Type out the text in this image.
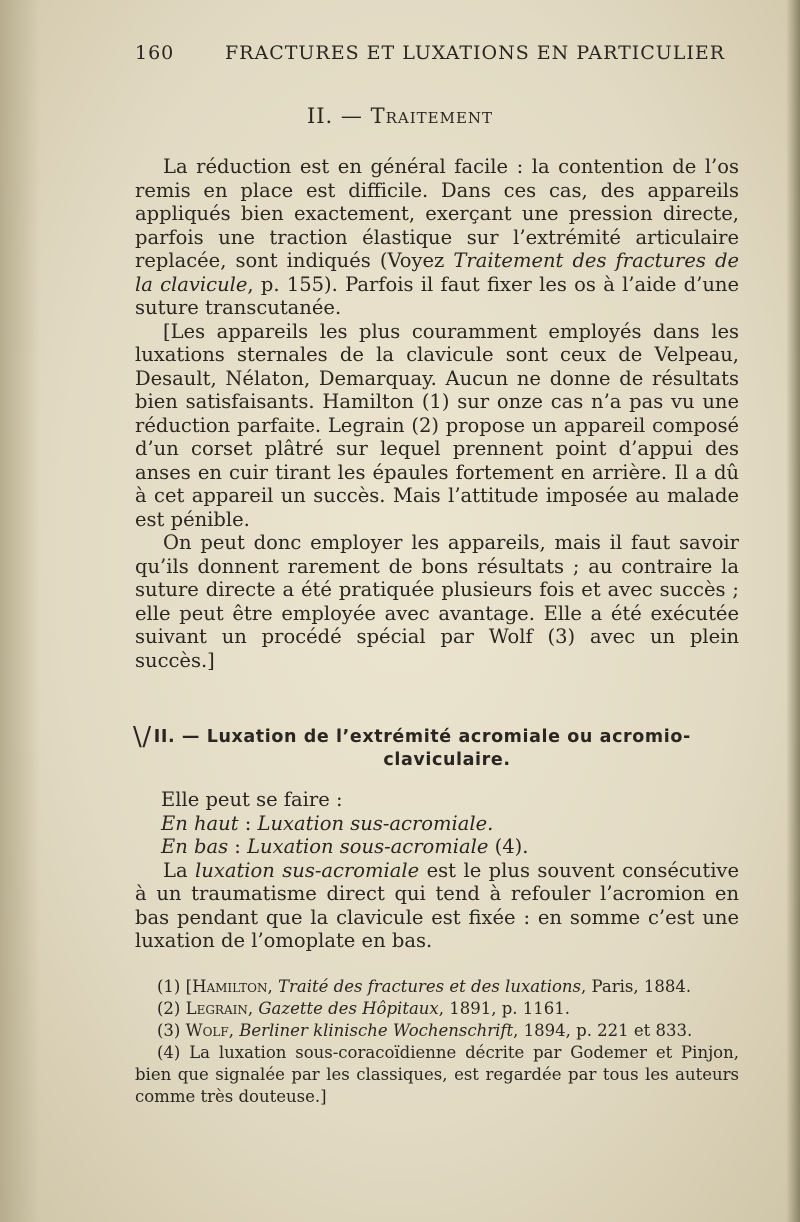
160	FRACTURES ET LUXATIONS EN PARTICULIER
II. — Traitement

La réduction est en général facile : la contention de l’os remis en place est difficile. Dans ces cas, des appareils appliqués bien exactement, exerçant une pression directe, parfois une traction élastique sur l’extrémité articulaire replacée, sont indiqués (Voyez Traitement des fractures de la clavicule, p. 155). Parfois il faut fixer les os à l’aide d’une suture transcutanée.

[Les appareils les plus couramment employés dans les luxations sternales de la clavicule sont ceux de Velpeau, Desault, Nélaton, Demarquay. Aucun ne donne de résultats bien satisfaisants. Hamilton (1) sur onze cas n’a pas vu une réduction parfaite. Legrain (2) propose un appareil composé d’un corset plâtré sur lequel prennent point d’appui des anses en cuir tirant les épaules fortement en arrière. Il a dû à cet appareil un succès. Mais l’attitude imposée au malade est pénible.

On peut donc employer les appareils, mais il faut savoir qu’ils donnent rarement de bons résultats ; au contraire la suture directe a été pratiquée plusieurs fois et avec succès ; elle peut être employée avec avantage. Elle a été exécutée suivant un procédé spécial par Wolf (3) avec un plein succès.]

\/ II. — Luxation de l’extrémité acromiale ou acromio-
claviculaire.

Elle peut se faire :

En haut : Luxation sus-acromiale.

En bas : Luxation sous-acromiale (4).

La luxation sus-acromiale est le plus souvent consécutive à un traumatisme direct qui tend à refouler l’acromion en bas pendant que la clavicule est fixée : en somme c’est une luxation de l’omoplate en bas.

(1) [Hamilton, Traité des fractures et des luxations, Paris, 1884.

(2) Legrain, Gazette des Hôpitaux, 1891, p. 1161.

(3) Wolf, Berliner klinische Wochenschrift, 1894, p. 221 et 833.

(4) La luxation sous-coracoïdienne décrite par Godemer et Pinjon, bien que signalée par les classiques, est regardée par tous les auteurs comme très douteuse.]
